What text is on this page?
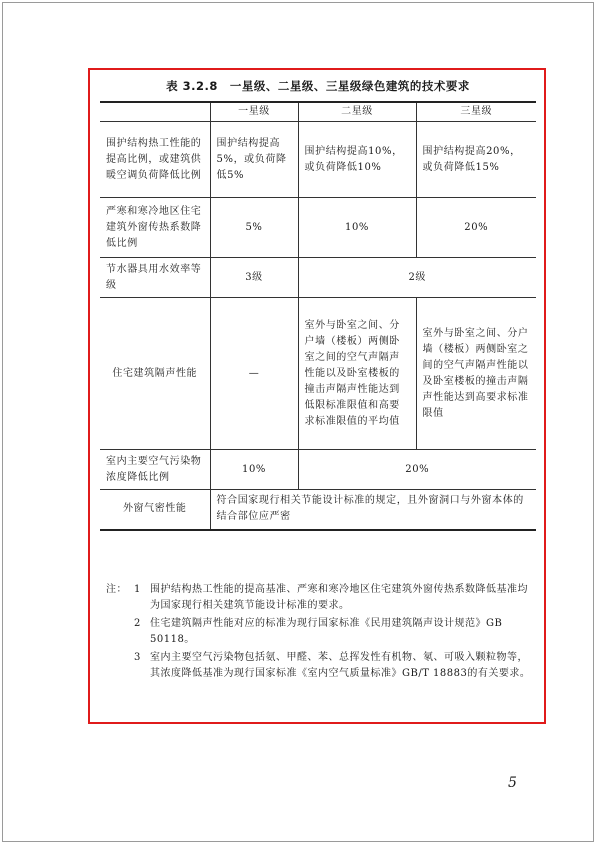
表 3.2.8　一星级、二星级、三星级绿色建筑的技术要求
	一星级	二星级	三星级
围护结构热工性能的提高比例，或建筑供暖空调负荷降低比例	围护结构提高5%，或负荷降低5%	围护结构提高10%，或负荷降低10%	围护结构提高20%，或负荷降低15%
严寒和寒冷地区住宅建筑外窗传热系数降低比例	5%	10%	20%
节水器具用水效率等级	3级	2级	
住宅建筑隔声性能	—	室外与卧室之间、分户墙（楼板）两侧卧室之间的空气声隔声性能以及卧室楼板的撞击声隔声性能达到低限标准限值和高要求标准限值的平均值	室外与卧室之间、分户墙（楼板）两侧卧室之间的空气声隔声性能以及卧室楼板的撞击声隔声性能达到高要求标准限值
室内主要空气污染物浓度降低比例	10%	20%	
外窗气密性能	符合国家现行相关节能设计标准的规定，且外窗洞口与外窗本体的结合部位应严密		
注： 1 围护结构热工性能的提高基准、严寒和寒冷地区住宅建筑外窗传热系数降低基准均为国家现行相关建筑节能设计标准的要求。
2 住宅建筑隔声性能对应的标准为现行国家标准《民用建筑隔声设计规范》GB 50118。
3 室内主要空气污染物包括氨、甲醛、苯、总挥发性有机物、氡、可吸入颗粒物等，其浓度降低基准为现行国家标准《室内空气质量标准》GB/T 18883的有关要求。
5
